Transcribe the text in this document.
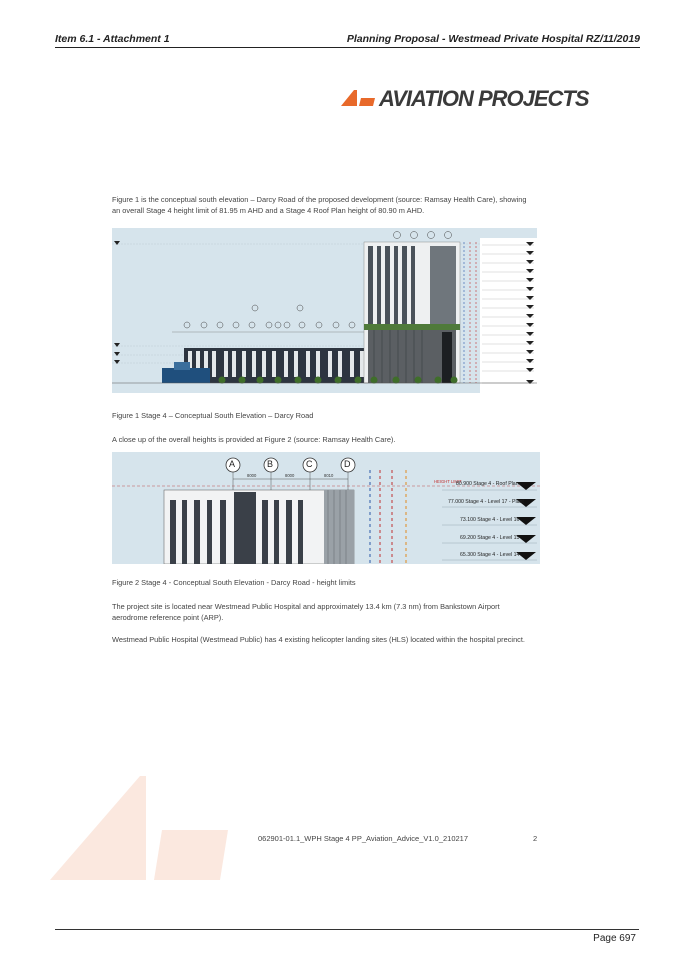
Item 6.1 - Attachment 1	Planning Proposal - Westmead Private Hospital RZ/11/2019
AVIATION PROJECTS
Figure 1 is the conceptual south elevation – Darcy Road of the proposed development (source: Ramsay Health Care), showing an overall Stage 4 height limit of 81.95 m AHD and a Stage 4 Roof Plan height of 80.90 m AHD.
Figure 1 Stage 4 – Conceptual South Elevation – Darcy Road
A close up of the overall heights is provided at Figure 2 (source: Ramsay Health Care).
A	B	C	D
8000	8000	8010
HEIGHT LIMIT
80.900 Stage 4 - Roof Plan
77.000 Stage 4 - Level 17 - Plant
73.100 Stage 4 - Level 16
69.200 Stage 4 - Level 15
65.300 Stage 4 - Level 14
Figure 2 Stage 4 - Conceptual South Elevation - Darcy Road - height limits
The project site is located near Westmead Public Hospital and approximately 13.4 km (7.3 nm) from Bankstown Airport aerodrome reference point (ARP).
Westmead Public Hospital (Westmead Public) has 4 existing helicopter landing sites (HLS) located within the hospital precinct.
062901-01.1_WPH Stage 4 PP_Aviation_Advice_V1.0_210217	2
Page 697
